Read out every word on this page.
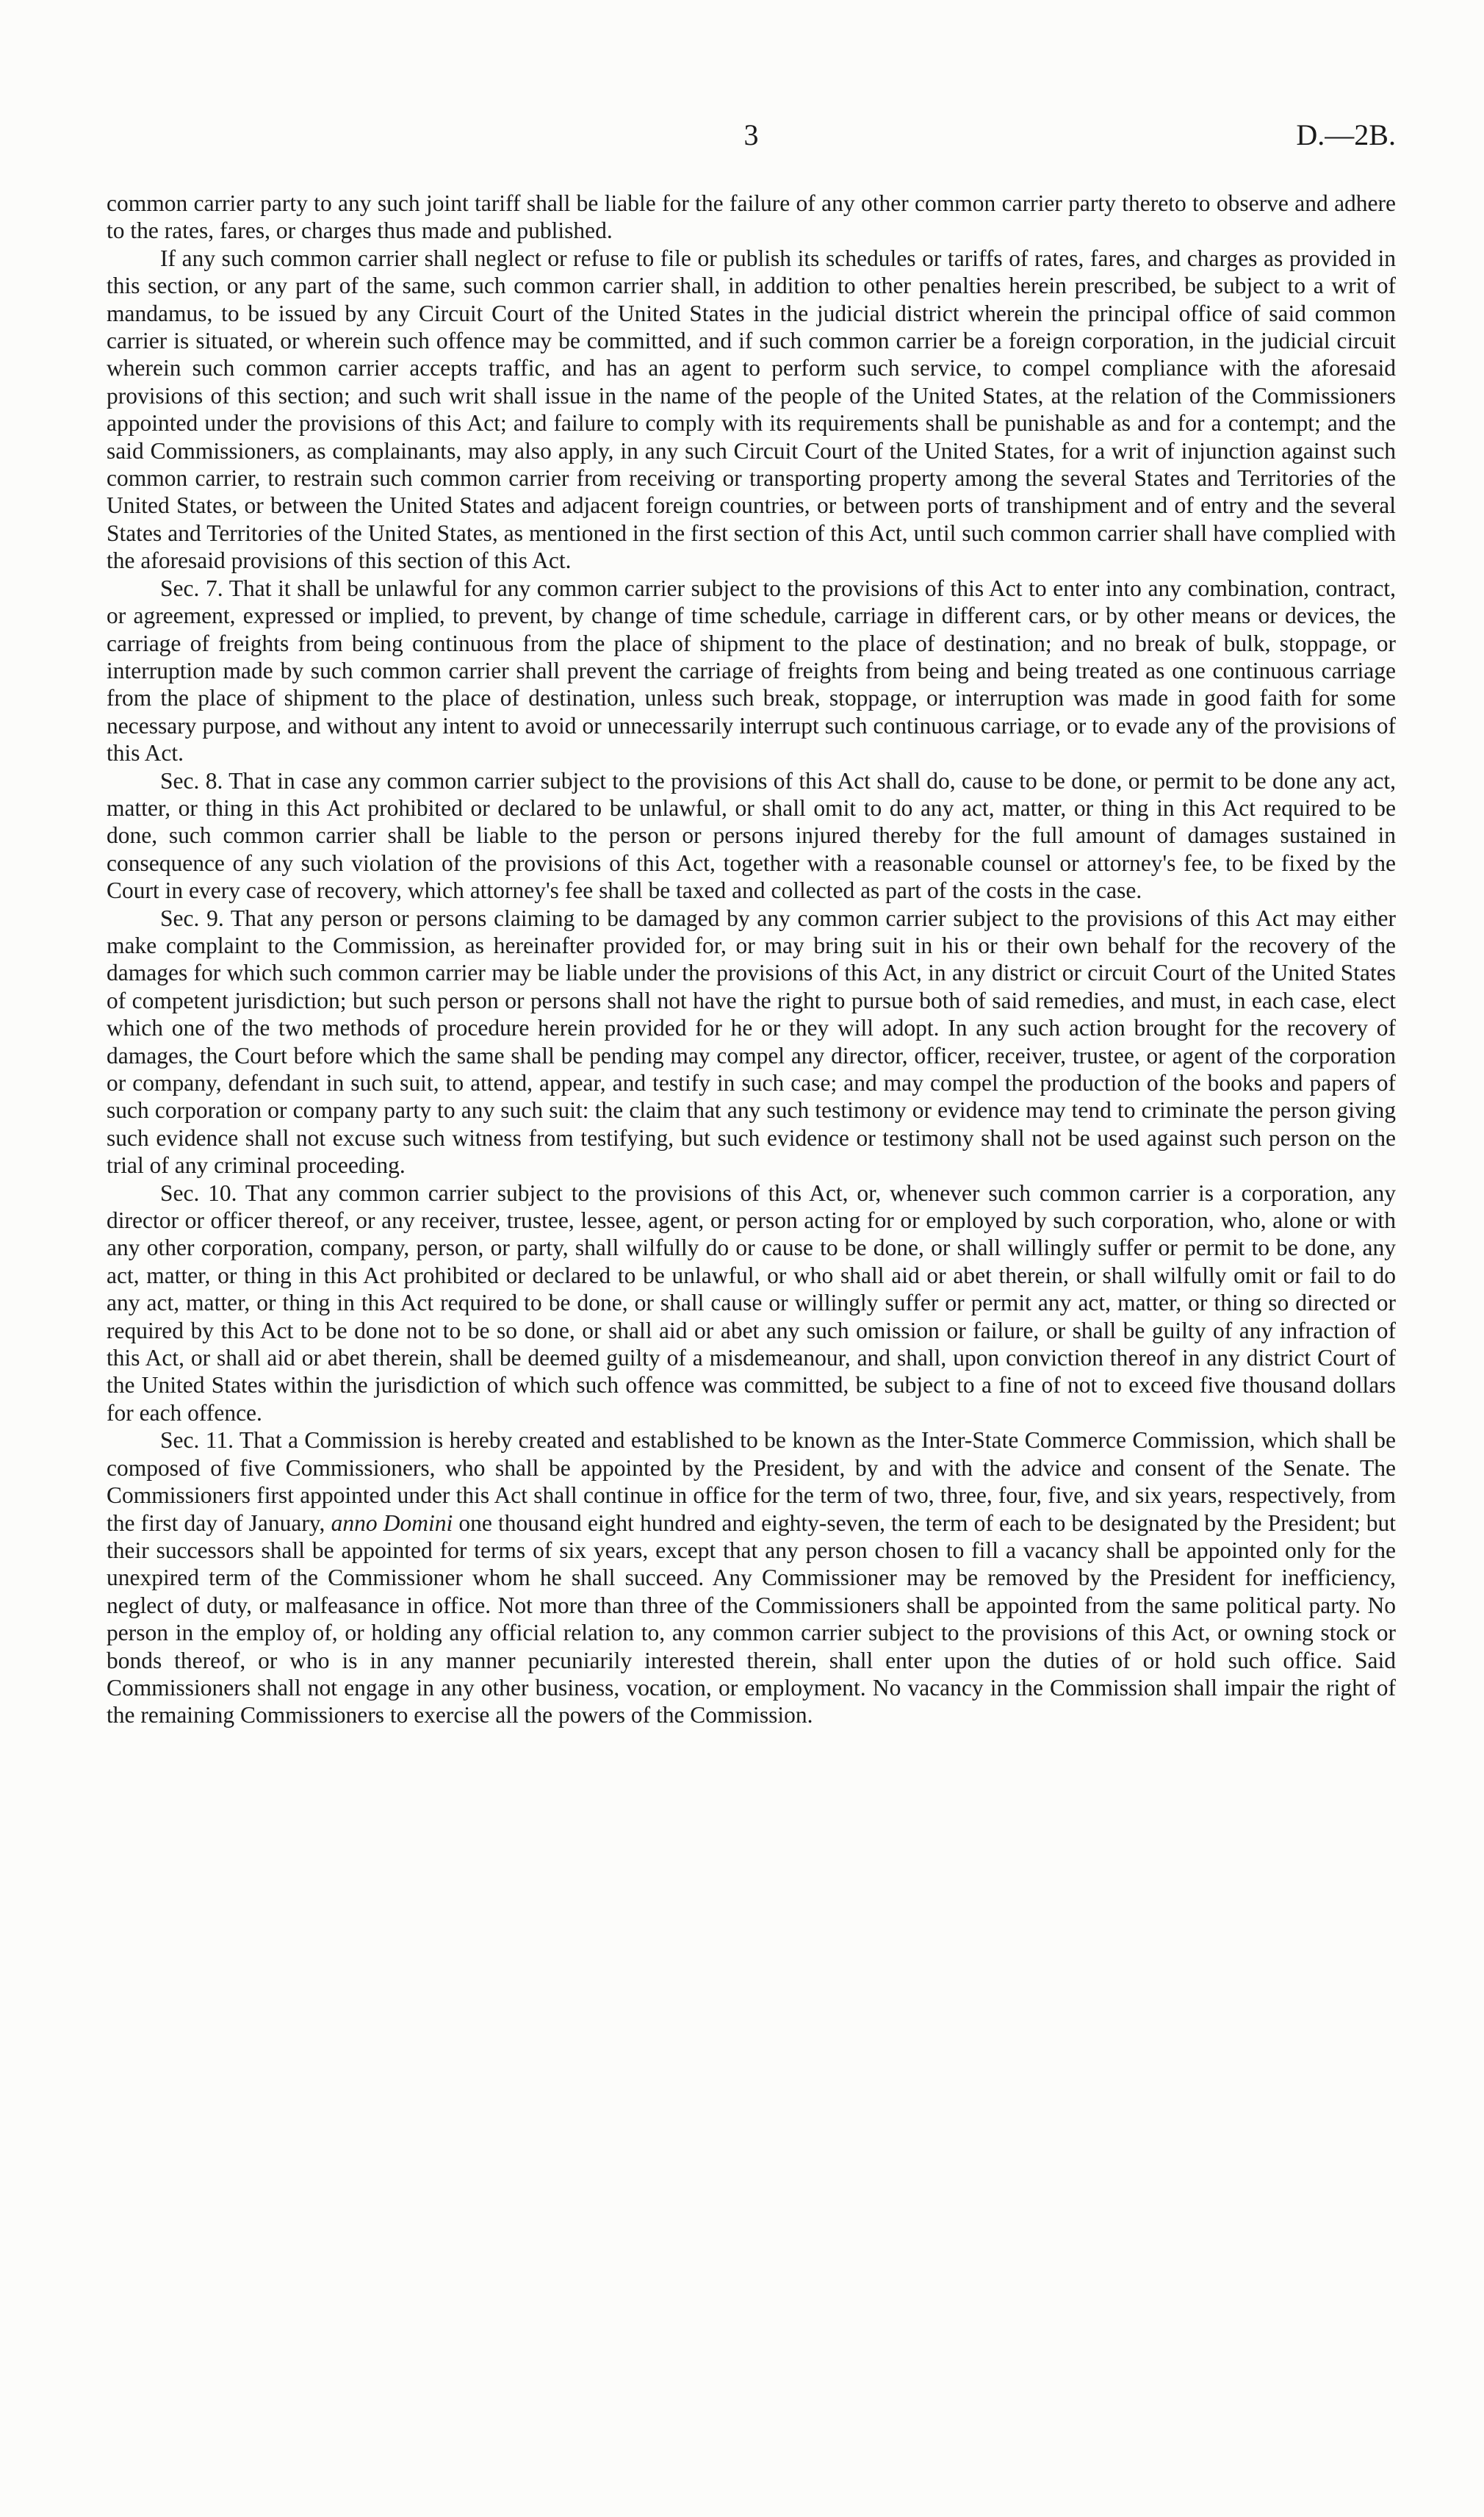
3	D.—2B.

common carrier party to any such joint tariff shall be liable for the failure of any other common carrier party thereto to observe and adhere to the rates, fares, or charges thus made and published.

If any such common carrier shall neglect or refuse to file or publish its schedules or tariffs of rates, fares, and charges as provided in this section, or any part of the same, such common carrier shall, in addition to other penalties herein prescribed, be subject to a writ of mandamus, to be issued by any Circuit Court of the United States in the judicial district wherein the principal office of said common carrier is situated, or wherein such offence may be committed, and if such common carrier be a foreign corporation, in the judicial circuit wherein such common carrier accepts traffic, and has an agent to perform such service, to compel compliance with the aforesaid provisions of this section; and such writ shall issue in the name of the people of the United States, at the relation of the Commissioners appointed under the provisions of this Act; and failure to comply with its requirements shall be punishable as and for a contempt; and the said Commissioners, as complainants, may also apply, in any such Circuit Court of the United States, for a writ of injunction against such common carrier, to restrain such common carrier from receiving or transporting property among the several States and Territories of the United States, or between the United States and adjacent foreign countries, or between ports of transhipment and of entry and the several States and Territories of the United States, as mentioned in the first section of this Act, until such common carrier shall have complied with the aforesaid provisions of this section of this Act.

Sec. 7. That it shall be unlawful for any common carrier subject to the provisions of this Act to enter into any combination, contract, or agreement, expressed or implied, to prevent, by change of time schedule, carriage in different cars, or by other means or devices, the carriage of freights from being continuous from the place of shipment to the place of destination; and no break of bulk, stoppage, or interruption made by such common carrier shall prevent the carriage of freights from being and being treated as one continuous carriage from the place of shipment to the place of destination, unless such break, stoppage, or interruption was made in good faith for some necessary purpose, and without any intent to avoid or unnecessarily interrupt such continuous carriage, or to evade any of the provisions of this Act.

Sec. 8. That in case any common carrier subject to the provisions of this Act shall do, cause to be done, or permit to be done any act, matter, or thing in this Act prohibited or declared to be unlawful, or shall omit to do any act, matter, or thing in this Act required to be done, such common carrier shall be liable to the person or persons injured thereby for the full amount of damages sustained in consequence of any such violation of the provisions of this Act, together with a reasonable counsel or attorney's fee, to be fixed by the Court in every case of recovery, which attorney's fee shall be taxed and collected as part of the costs in the case.

Sec. 9. That any person or persons claiming to be damaged by any common carrier subject to the provisions of this Act may either make complaint to the Commission, as hereinafter provided for, or may bring suit in his or their own behalf for the recovery of the damages for which such common carrier may be liable under the provisions of this Act, in any district or circuit Court of the United States of competent jurisdiction; but such person or persons shall not have the right to pursue both of said remedies, and must, in each case, elect which one of the two methods of procedure herein provided for he or they will adopt. In any such action brought for the recovery of damages, the Court before which the same shall be pending may compel any director, officer, receiver, trustee, or agent of the corporation or company, defendant in such suit, to attend, appear, and testify in such case; and may compel the production of the books and papers of such corporation or company party to any such suit: the claim that any such testimony or evidence may tend to criminate the person giving such evidence shall not excuse such witness from testifying, but such evidence or testimony shall not be used against such person on the trial of any criminal proceeding.

Sec. 10. That any common carrier subject to the provisions of this Act, or, whenever such common carrier is a corporation, any director or officer thereof, or any receiver, trustee, lessee, agent, or person acting for or employed by such corporation, who, alone or with any other corporation, company, person, or party, shall wilfully do or cause to be done, or shall willingly suffer or permit to be done, any act, matter, or thing in this Act prohibited or declared to be unlawful, or who shall aid or abet therein, or shall wilfully omit or fail to do any act, matter, or thing in this Act required to be done, or shall cause or willingly suffer or permit any act, matter, or thing so directed or required by this Act to be done not to be so done, or shall aid or abet any such omission or failure, or shall be guilty of any infraction of this Act, or shall aid or abet therein, shall be deemed guilty of a misdemeanour, and shall, upon conviction thereof in any district Court of the United States within the jurisdiction of which such offence was committed, be subject to a fine of not to exceed five thousand dollars for each offence.

Sec. 11. That a Commission is hereby created and established to be known as the Inter-State Commerce Commission, which shall be composed of five Commissioners, who shall be appointed by the President, by and with the advice and consent of the Senate. The Commissioners first appointed under this Act shall continue in office for the term of two, three, four, five, and six years, respectively, from the first day of January, anno Domini one thousand eight hundred and eighty-seven, the term of each to be designated by the President; but their successors shall be appointed for terms of six years, except that any person chosen to fill a vacancy shall be appointed only for the unexpired term of the Commissioner whom he shall succeed. Any Commissioner may be removed by the President for inefficiency, neglect of duty, or malfeasance in office. Not more than three of the Commissioners shall be appointed from the same political party. No person in the employ of, or holding any official relation to, any common carrier subject to the provisions of this Act, or owning stock or bonds thereof, or who is in any manner pecuniarily interested therein, shall enter upon the duties of or hold such office. Said Commissioners shall not engage in any other business, vocation, or employment. No vacancy in the Commission shall impair the right of the remaining Commissioners to exercise all the powers of the Commission.
